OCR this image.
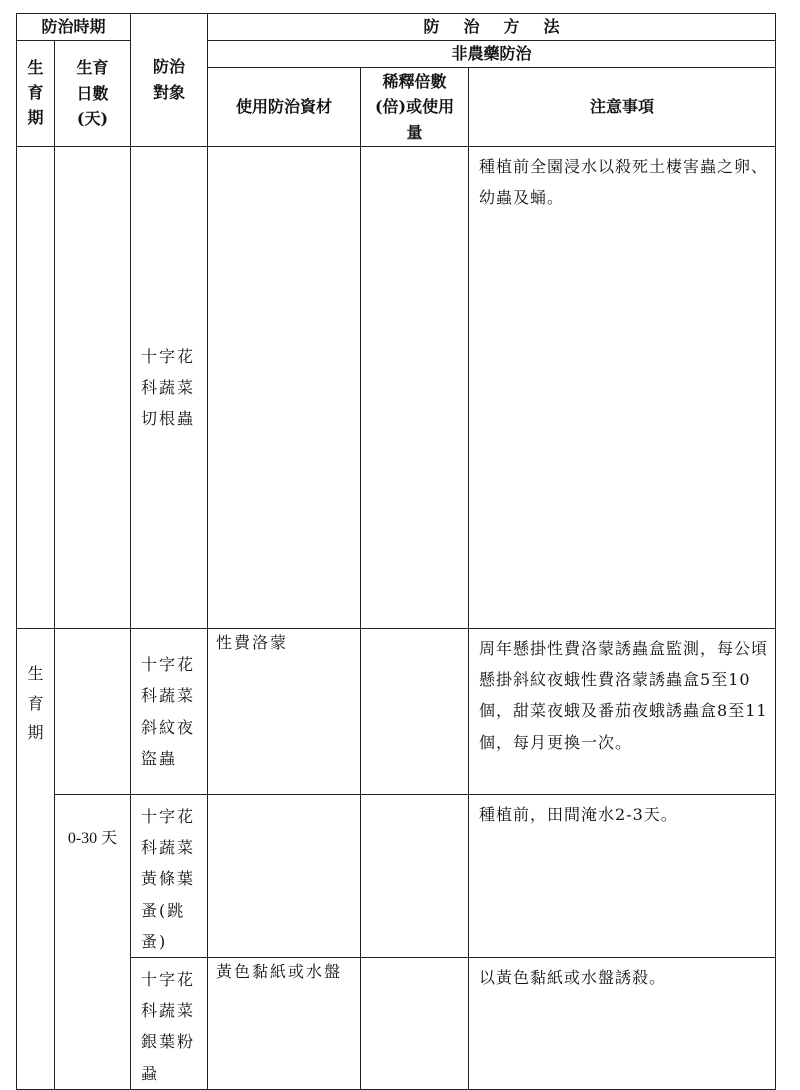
防治時期		防治對象	防治方法		
生育期	生育日數(天)		非農藥防治		
			使用防治資材	稀釋倍數(倍)或使用量	注意事項

		十字花科蔬菜切根蟲			種植前全園浸水以殺死土棲害蟲之卵、幼蟲及蛹。

生育期		十字花科蔬菜斜紋夜盜蟲	性費洛蒙		周年懸掛性費洛蒙誘蟲盒監測，每公頃懸掛斜紋夜蛾性費洛蒙誘蟲盒5至10個，甜菜夜蛾及番茄夜蛾誘蟲盒8至11個，每月更換一次。

	0-30 天	十字花科蔬菜黃條葉蚤(跳蚤)			種植前，田間淹水2-3天。

		十字花科蔬菜銀葉粉蝨	黃色黏紙或水盤		以黃色黏紙或水盤誘殺。
